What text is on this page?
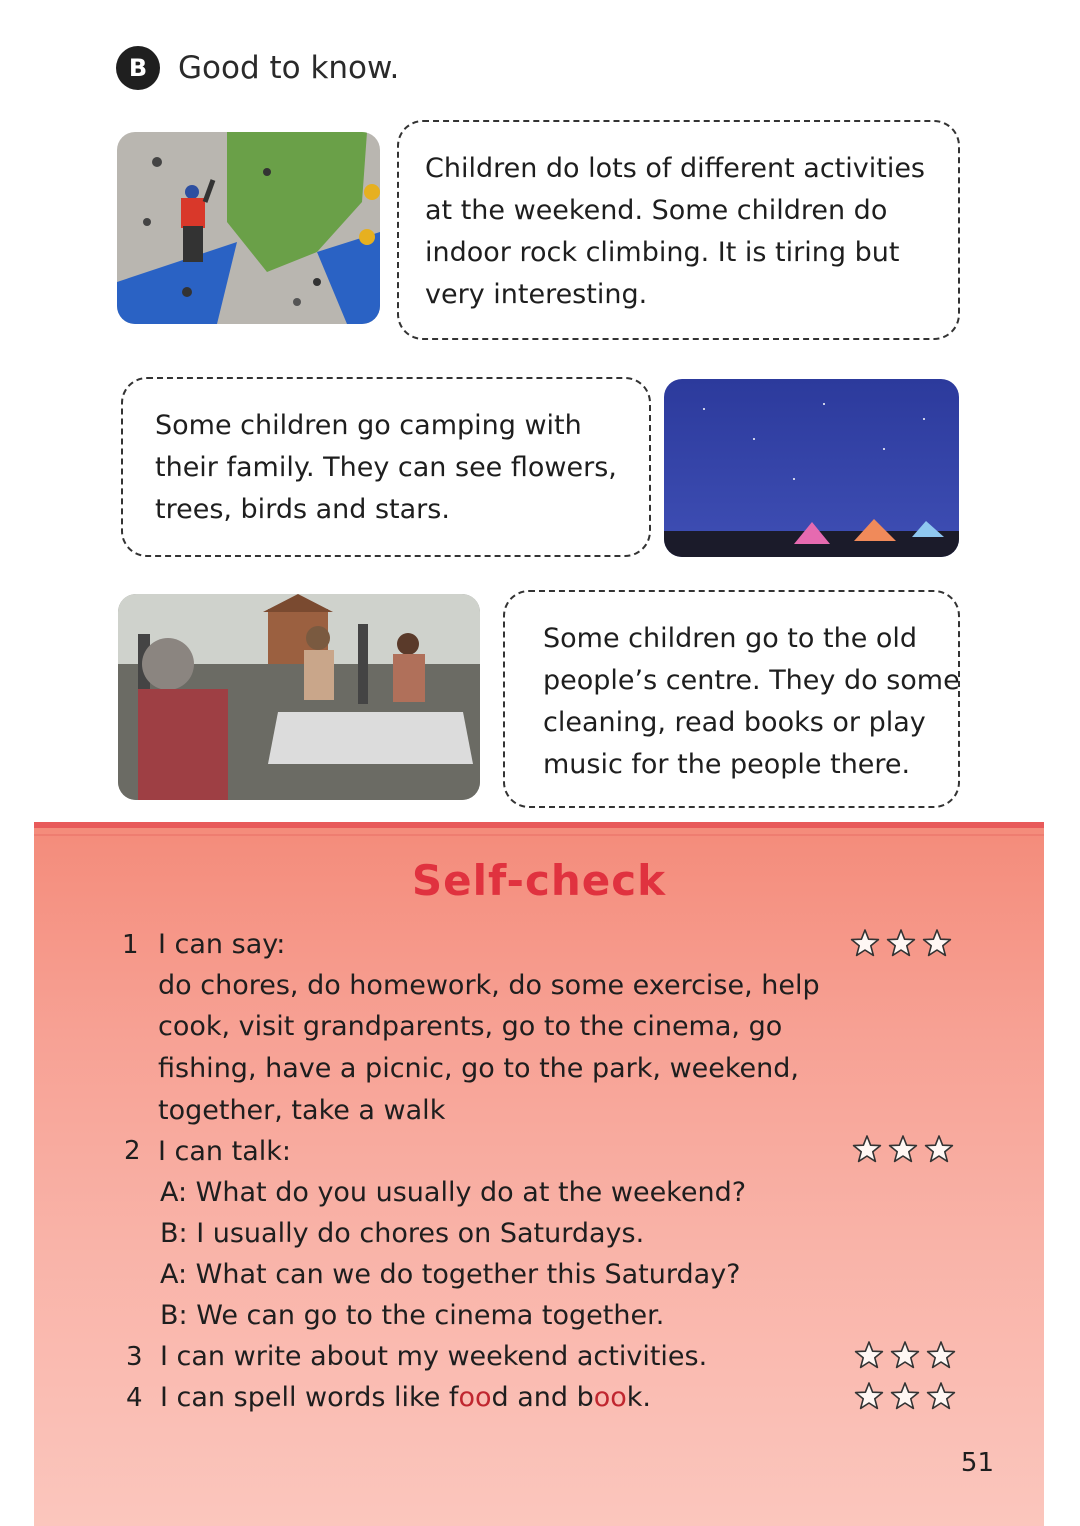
B Good to know.
Children do lots of different activities
at the weekend. Some children do
indoor rock climbing. It is tiring but
very interesting.
Some children go camping with
their family. They can see flowers,
trees, birds and stars.
Some children go to the old
people’s centre. They do some
cleaning, read books or play
music for the people there.
Self-check
1 I can say:
do chores, do homework, do some exercise, help
cook, visit grandparents, go to the cinema, go
fishing, have a picnic, go to the park, weekend,
together, take a walk
2 I can talk:
A: What do you usually do at the weekend?
B: I usually do chores on Saturdays.
A: What can we do together this Saturday?
B: We can go to the cinema together.
3 I can write about my weekend activities.
4 I can spell words like food and book.
51
